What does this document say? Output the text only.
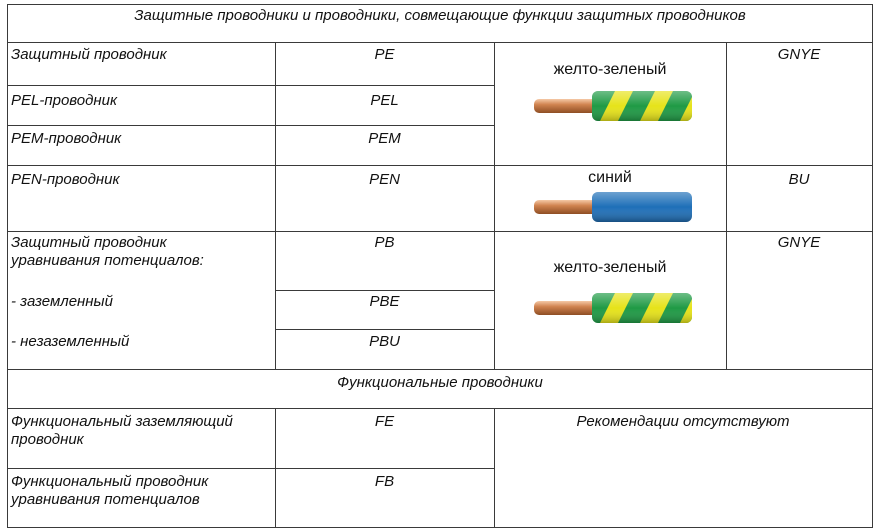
Защитные проводники и проводники, совмещающие функции защитных проводников
Защитный проводник
PEL-проводник
PEM-проводник
PEN-проводник
Защитный проводник
уравнивания потенциалов:
- заземленный
- незаземленный
PE
PEL
PEM
PEN
PB
PBE
PBU
желто-зеленый
синий
желто-зеленый
GNYE
BU
GNYE
Функциональные проводники
Функциональный заземляющий
проводник
Функциональный проводник
уравнивания потенциалов
FE
FB
Рекомендации отсутствуют
